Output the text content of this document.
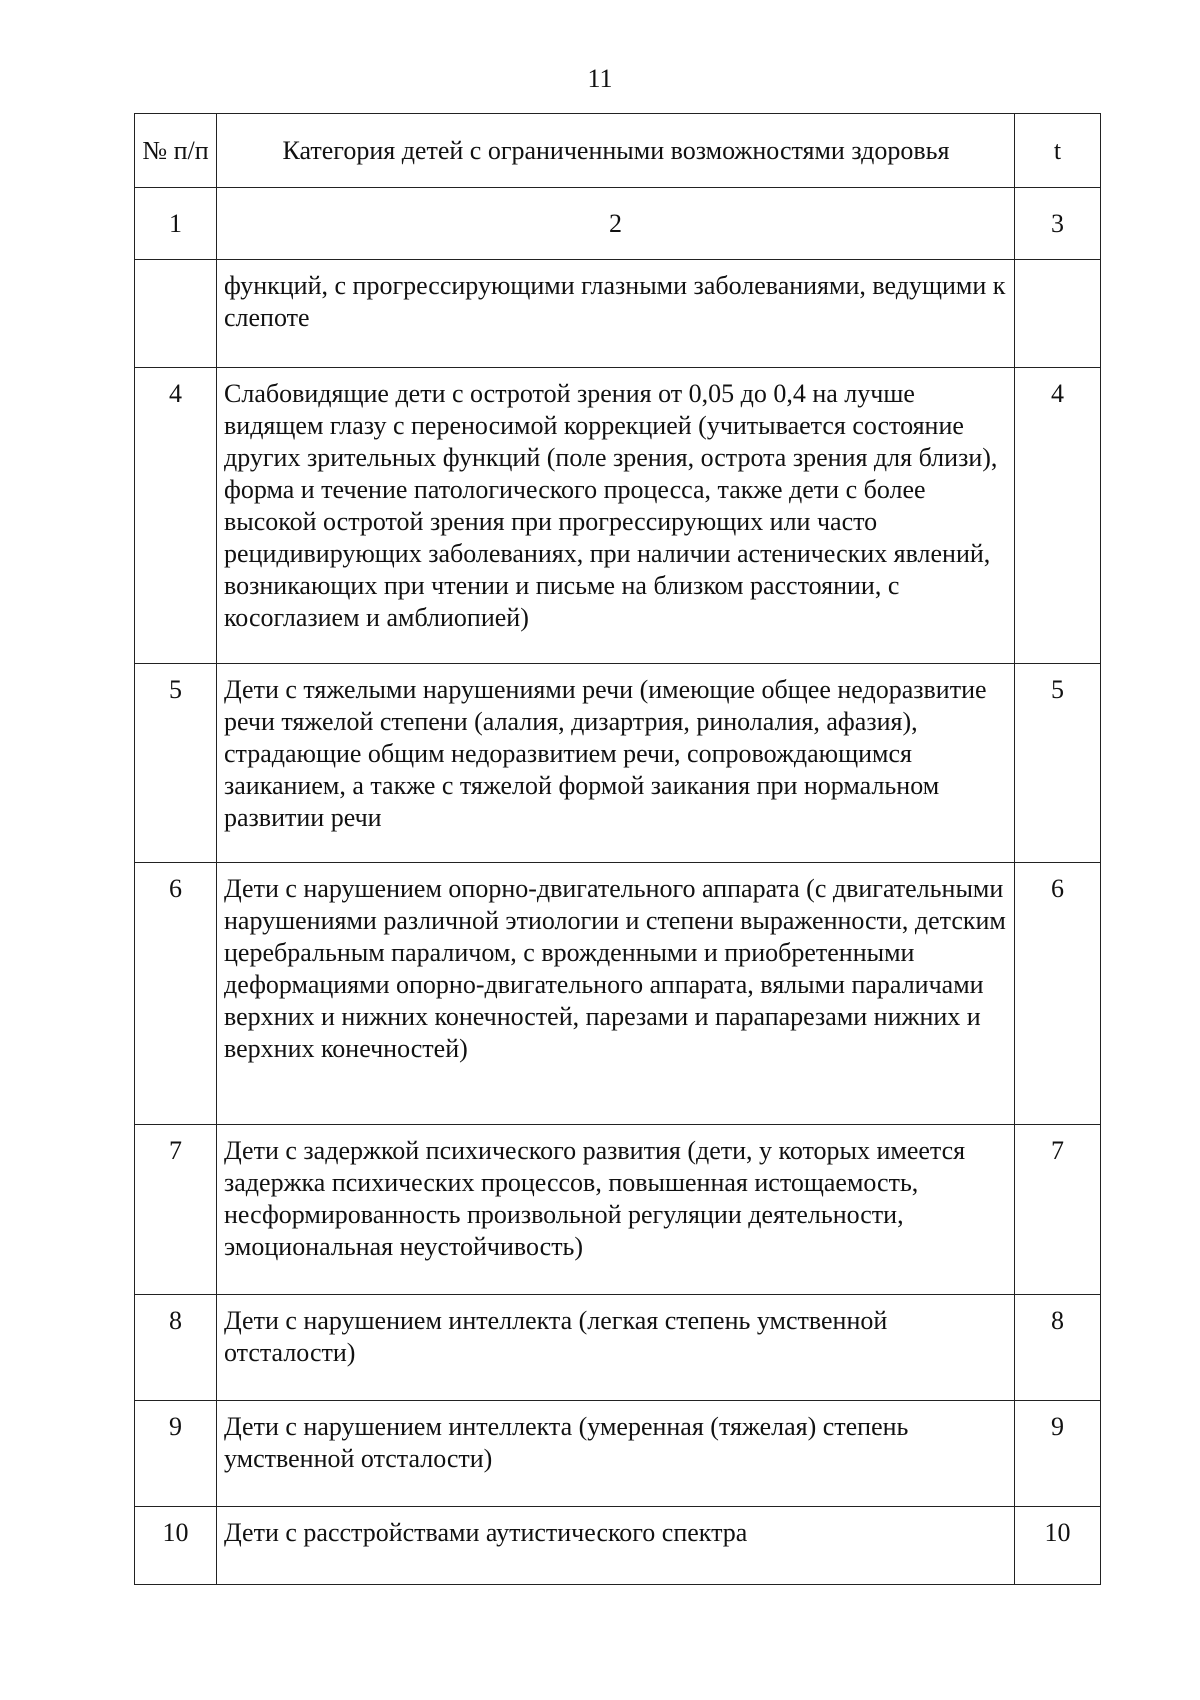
11
№ п/п	Категория детей с ограниченными возможностями здоровья	t
1	2	3

	функций, с прогрессирующими глазными заболеваниями, ведущими к слепоте	

4	Слабовидящие дети с остротой зрения от 0,05 до 0,4 на лучше видящем глазу с переносимой коррекцией (учитывается состояние других зрительных функций (поле зрения, острота зрения для близи), форма и течение патологического процесса, также дети с более высокой остротой зрения при прогрессирующих или часто рецидивирующих заболеваниях, при наличии астенических явлений, возникающих при чтении и письме на близком расстоянии, с косоглазием и амблиопией)	4
5	Дети с тяжелыми нарушениями речи (имеющие общее недоразвитие речи тяжелой степени (алалия, дизартрия, ринолалия, афазия), страдающие общим недоразвитием речи, сопровождающимся заиканием, а также с тяжелой формой заикания при нормальном развитии речи	5
6	Дети с нарушением опорно-двигательного аппарата (с двигательными нарушениями различной этиологии и степени выраженности, детским церебральным параличом, с врожденными и приобретенными деформациями опорно-двигательного аппарата, вялыми параличами верхних и нижних конечностей, парезами и парапарезами нижних и верхних конечностей)	6
7	Дети с задержкой психического развития (дети, у которых имеется задержка психических процессов, повышенная истощаемость, несформированность произвольной регуляции деятельности, эмоциональная неустойчивость)	7
8	Дети с нарушением интеллекта (легкая степень умственной отсталости)	8
9	Дети с нарушением интеллекта (умеренная (тяжелая) степень умственной отсталости)	9
10	Дети с расстройствами аутистического спектра	10
